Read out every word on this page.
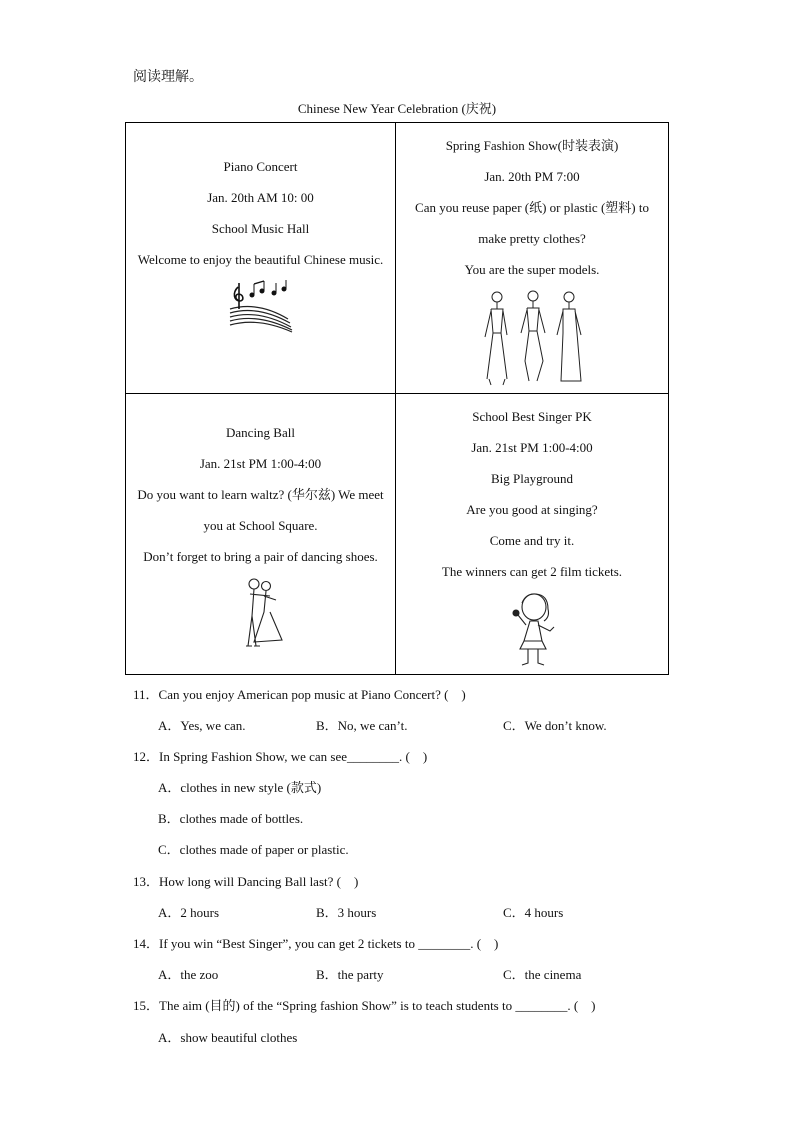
阅读理解。
Chinese New Year Celebration (庆祝)

Piano Concert

Jan. 20th AM 10: 00

School Music Hall

Welcome to enjoy the beautiful Chinese music.

Spring Fashion Show(时装表演)

Jan. 20th PM 7:00

Can you reuse paper (纸) or plastic (塑料) to make pretty clothes?

You are the super models.

Dancing Ball

Jan. 21st PM 1:00-4:00

Do you want to learn waltz? (华尔兹) We meet you at School Square.

Don’t forget to bring a pair of dancing shoes.

School Best Singer PK

Jan. 21st PM 1:00-4:00

Big Playground

Are you good at singing?

Come and try it.

The winners can get 2 film tickets.

11．Can you enjoy American pop music at Piano Concert? (　)
A．Yes, we can.	B．No, we can’t.	C．We don’t know.
12．In Spring Fashion Show, we can see________. (　)
A．clothes in new style (款式)
B．clothes made of bottles.
C．clothes made of paper or plastic.
13．How long will Dancing Ball last? (　)
A．2 hours	B．3 hours	C．4 hours
14．If you win “Best Singer”, you can get 2 tickets to ________. (　)
A．the zoo	B．the party	C．the cinema
15．The aim (目的) of the “Spring fashion Show” is to teach students to ________. (　)
A．show beautiful clothes
